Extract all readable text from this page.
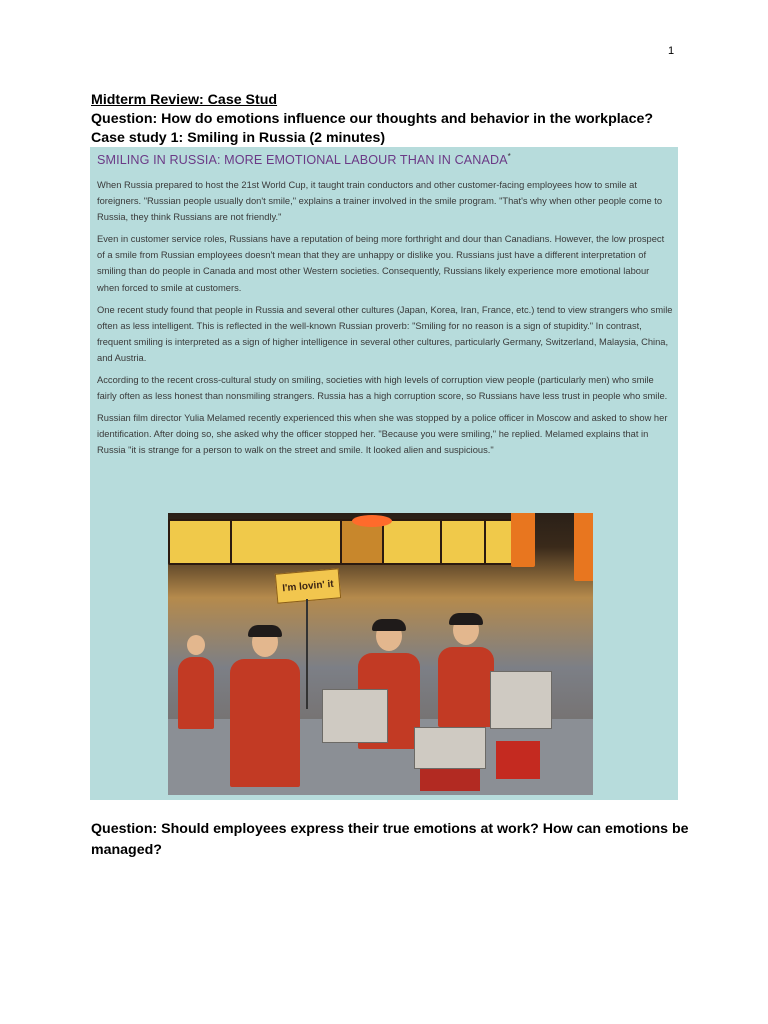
1
Midterm Review: Case Stud
Question: How do emotions influence our thoughts and behavior in the workplace?
Case study 1: Smiling in Russia (2 minutes)
SMILING IN RUSSIA: MORE EMOTIONAL LABOUR THAN IN CANADA*

When Russia prepared to host the 21st World Cup, it taught train conductors and other customer-facing employees how to smile at foreigners. "Russian people usually don't smile," explains a trainer involved in the smile program. "That's why when other people come to Russia, they think Russians are not friendly."

Even in customer service roles, Russians have a reputation of being more forthright and dour than Canadians. However, the low prospect of a smile from Russian employees doesn't mean that they are unhappy or dislike you. Russians just have a different interpretation of smiling than do people in Canada and most other Western societies. Consequently, Russians likely experience more emotional labour when forced to smile at customers.

One recent study found that people in Russia and several other cultures (Japan, Korea, Iran, France, etc.) tend to view strangers who smile often as less intelligent. This is reflected in the well-known Russian proverb: "Smiling for no reason is a sign of stupidity." In contrast, frequent smiling is interpreted as a sign of higher intelligence in several other cultures, particularly Germany, Switzerland, Malaysia, China, and Austria.

According to the recent cross-cultural study on smiling, societies with high levels of corruption view people (particularly men) who smile fairly often as less honest than nonsmiling strangers. Russia has a high corruption score, so Russians have less trust in people who smile.

Russian film director Yulia Melamed recently experienced this when she was stopped by a police officer in Moscow and asked to show her identification. After doing so, she asked why the officer stopped her. "Because you were smiling," he replied. Melamed explains that in Russia "it is strange for a person to walk on the street and smile. It looked alien and suspicious."

I'm lovin' it
Question: Should employees express their true emotions at work? How can emotions be managed?
